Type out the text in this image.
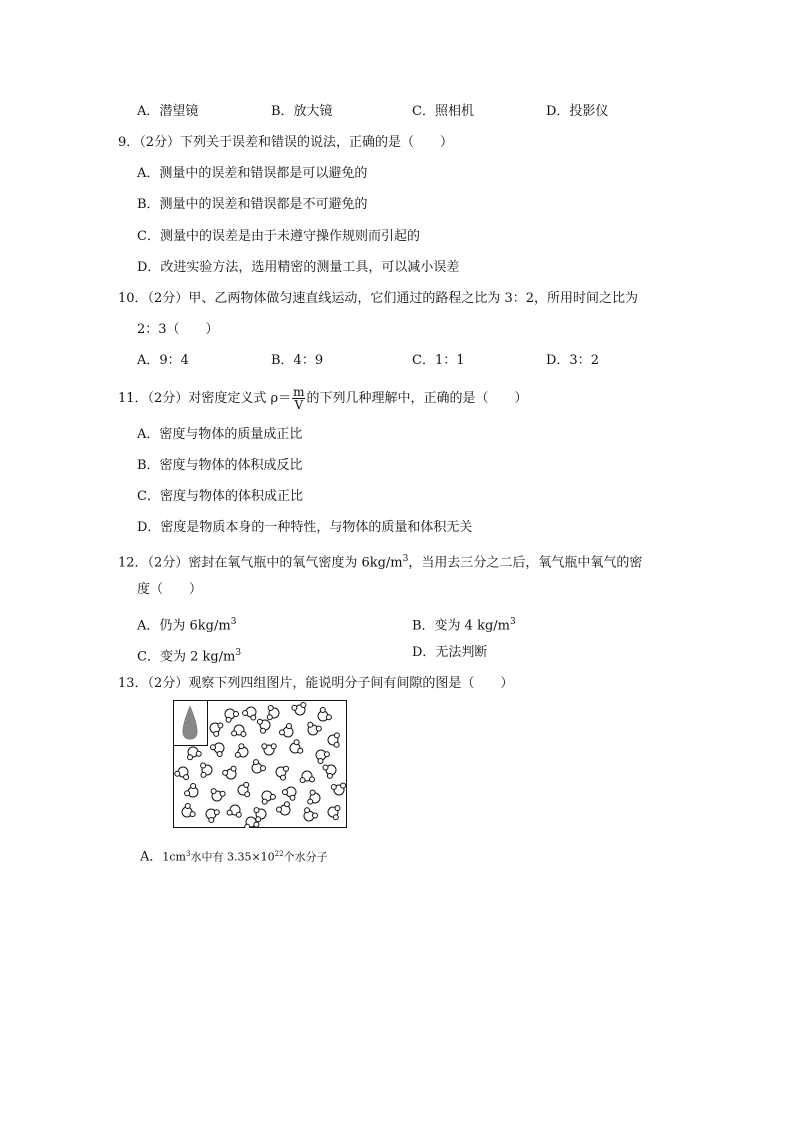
A．潜望镜	B．放大镜	C．照相机	D．投影仪
9．（2分）下列关于误差和错误的说法，正确的是（　　）
A．测量中的误差和错误都是可以避免的
B．测量中的误差和错误都是不可避免的
C．测量中的误差是由于未遵守操作规则而引起的
D．改进实验方法，选用精密的测量工具，可以减小误差
10．（2分）甲、乙两物体做匀速直线运动，它们通过的路程之比为 3：2，所用时间之比为
2：3（　　）
A．9：4	B．4：9	C．1：1	D．3：2
11．（2分）对密度定义式 $\rho= \frac{m}{V}$ 的下列几种理解中，正确的是（　　）
A．密度与物体的质量成正比
B．密度与物体的体积成反比
C．密度与物体的体积成正比
D．密度是物质本身的一种特性，与物体的质量和体积无关
12．（2分）密封在氧气瓶中的氧气密度为 $6kg/m^3$，当用去三分之二后，氧气瓶中氧气的密
度（　　）
A．仍为 $6kg/m^3$	B．变为 4 $kg/m^3$
C．变为 2 $kg/m^3$	D．无法判断
13．（2分）观察下列四组图片，能说明分子间有间隙的图是（　　）
A．$1cm^3$水中有 $3.35\times 10^{22}$个水分子
